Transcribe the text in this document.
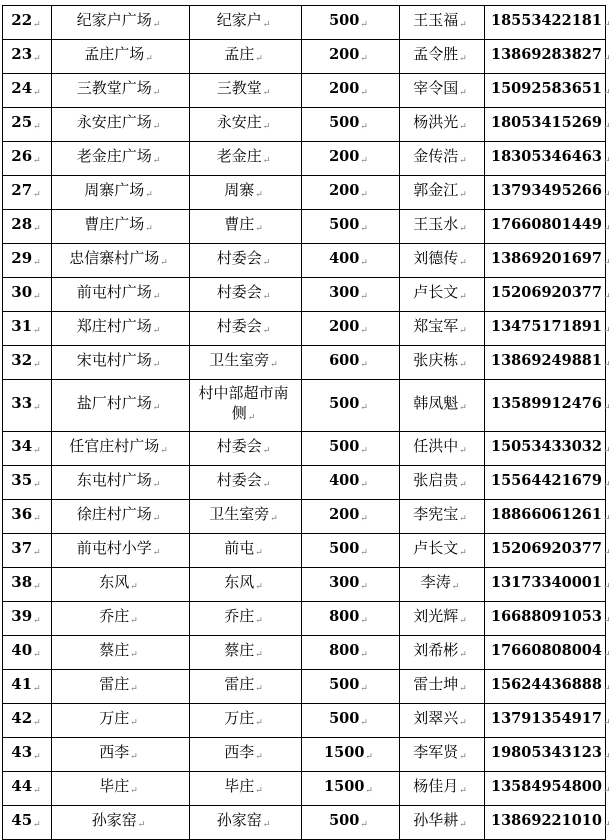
22↵	纪家户广场↵	纪家户↵	500↵	王玉福↵	18553422181↵
23↵	孟庄广场↵	孟庄↵	200↵	孟令胜↵	13869283827↵
24↵	三教堂广场↵	三教堂↵	200↵	宰令国↵	15092583651↵
25↵	永安庄广场↵	永安庄↵	500↵	杨洪光↵	18053415269↵
26↵	老金庄广场↵	老金庄↵	200↵	金传浩↵	18305346463↵
27↵	周寨广场↵	周寨↵	200↵	郭金江↵	13793495266↵
28↵	曹庄广场↵	曹庄↵	500↵	王玉水↵	17660801449↵
29↵	忠信寨村广场↵	村委会↵	400↵	刘德传↵	13869201697↵
30↵	前屯村广场↵	村委会↵	300↵	卢长文↵	15206920377↵
31↵	郑庄村广场↵	村委会↵	200↵	郑宝军↵	13475171891↵
32↵	宋屯村广场↵	卫生室旁↵	600↵	张庆栋↵	13869249881↵
33↵	盐厂村广场↵	村中部超市南侧↵	500↵	韩凤魁↵	13589912476↵
34↵	任官庄村广场↵	村委会↵	500↵	任洪中↵	15053433032↵
35↵	东屯村广场↵	村委会↵	400↵	张启贵↵	15564421679↵
36↵	徐庄村广场↵	卫生室旁↵	200↵	李宪宝↵	18866061261↵
37↵	前屯村小学↵	前屯↵	500↵	卢长文↵	15206920377↵
38↵	东风↵	东风↵	300↵	李涛↵	13173340001↵
39↵	乔庄↵	乔庄↵	800↵	刘光辉↵	16688091053↵
40↵	蔡庄↵	蔡庄↵	800↵	刘希彬↵	17660808004↵
41↵	雷庄↵	雷庄↵	500↵	雷士坤↵	15624436888↵
42↵	万庄↵	万庄↵	500↵	刘翠兴↵	13791354917↵
43↵	西李↵	西李↵	1500↵	李军贤↵	19805343123↵
44↵	毕庄↵	毕庄↵	1500↵	杨佳月↵	13584954800↵
45↵	孙家窑↵	孙家窑↵	500↵	孙华耕↵	13869221010↵
